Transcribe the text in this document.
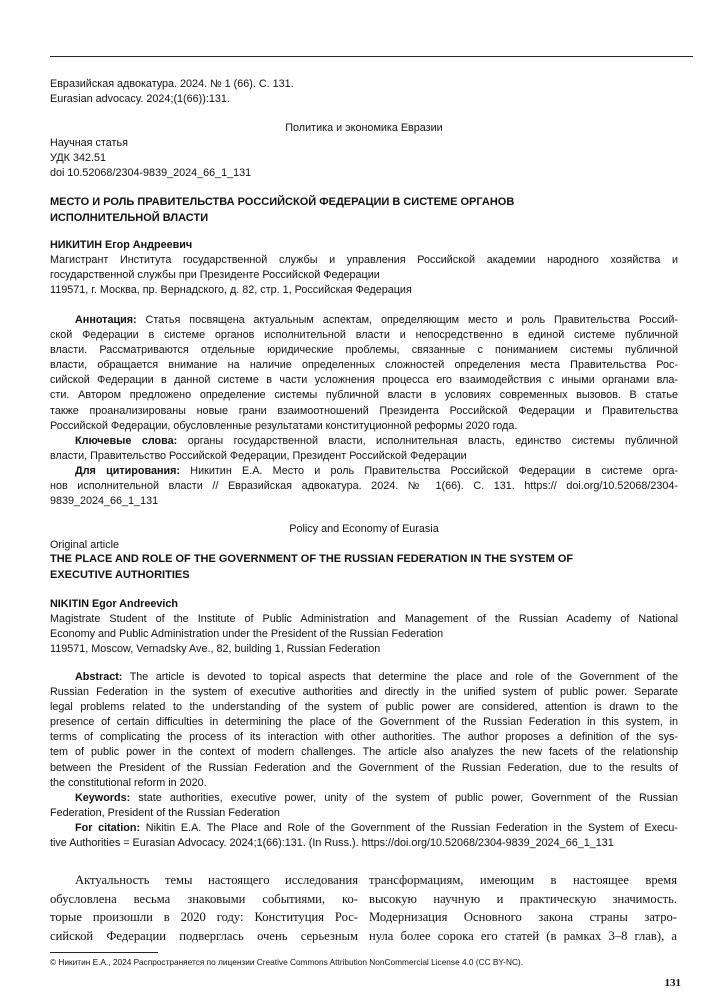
Евразийская адвокатура. 2024. № 1 (66). С. 131.
Eurasian advocacy. 2024;(1(66)):131.
Политика и экономика Евразии
Научная статья
УДК 342.51
doi 10.52068/2304-9839_2024_66_1_131
МЕСТО И РОЛЬ ПРАВИТЕЛЬСТВА РОССИЙСКОЙ ФЕДЕРАЦИИ В СИСТЕМЕ ОРГАНОВ
ИСПОЛНИТЕЛЬНОЙ ВЛАСТИ
НИКИТИН Егор Андреевич
Магистрант Института государственной службы и управления Российской академии народного хозяйства и
государственной службы при Президенте Российской Федерации
119571, г. Москва, пр. Вернадского, д. 82, стр. 1, Российская Федерация
Аннотация: Статья посвящена актуальным аспектам, определяющим место и роль Правительства Россий-
ской Федерации в системе органов исполнительной власти и непосредственно в единой системе публичной
власти. Рассматриваются отдельные юридические проблемы, связанные с пониманием системы публичной
власти, обращается внимание на наличие определенных сложностей определения места Правительства Рос-
сийской Федерации в данной системе в части усложнения процесса его взаимодействия с иными органами вла-
сти. Автором предложено определение системы публичной власти в условиях современных вызовов. В статье
также проанализированы новые грани взаимоотношений Президента Российской Федерации и Правительства
Российской Федерации, обусловленные результатами конституционной реформы 2020 года.
Ключевые слова: органы государственной власти, исполнительная власть, единство системы публичной
власти, Правительство Российской Федерации, Президент Российской Федерации
Для цитирования: Никитин Е.А. Место и роль Правительства Российской Федерации в системе орга-
нов исполнительной власти // Евразийская адвокатура. 2024. № 1(66). С. 131. https:// doi.org/10.52068/2304-
9839_2024_66_1_131
Policy and Economy of Eurasia
Original article
THE PLACE AND ROLE OF THE GOVERNMENT OF THE RUSSIAN FEDERATION IN THE SYSTEM OF
EXECUTIVE AUTHORITIES
NIKITIN Egor Andreevich
Magistrate Student of the Institute of Public Administration and Management of the Russian Academy of National
Economy and Public Administration under the President of the Russian Federation
119571, Moscow, Vernadsky Ave., 82, building 1, Russian Federation
Abstract: The article is devoted to topical aspects that determine the place and role of the Government of the
Russian Federation in the system of executive authorities and directly in the unified system of public power. Separate
legal problems related to the understanding of the system of public power are considered, attention is drawn to the
presence of certain difficulties in determining the place of the Government of the Russian Federation in this system, in
terms of complicating the process of its interaction with other authorities. The author proposes a definition of the sys-
tem of public power in the context of modern challenges. The article also analyzes the new facets of the relationship
between the President of the Russian Federation and the Government of the Russian Federation, due to the results of
the constitutional reform in 2020.
Keywords: state authorities, executive power, unity of the system of public power, Government of the Russian
Federation, President of the Russian Federation
For citation: Nikitin E.A. The Place and Role of the Government of the Russian Federation in the System of Execu-
tive Authorities = Eurasian Advocacy. 2024;1(66):131. (In Russ.). https://doi.org/10.52068/2304-9839_2024_66_1_131
Актуальность темы настоящего исследования
обусловлена весьма знаковыми событиями, ко-
торые произошли в 2020 году: Конституция Рос-
сийской Федерации подверглась очень серьезным
трансформациям, имеющим в настоящее время
высокую научную и практическую значимость.
Модернизация Основного закона страны затро-
нула более сорока его статей (в рамках 3–8 глав), а
© Никитин Е.А., 2024 Распространяется по лицензии Creative Commons Attribution NonCommercial License 4.0 (CC BY-NC).
131
